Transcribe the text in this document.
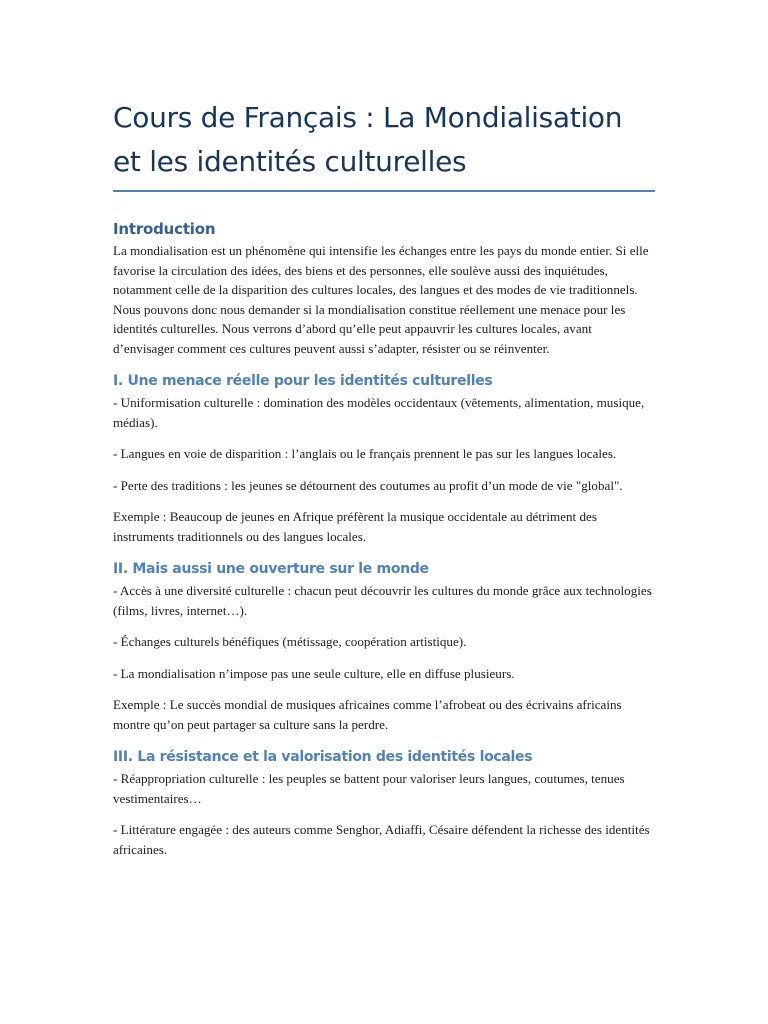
Cours de Français : La Mondialisation et les identités culturelles
Introduction

La mondialisation est un phénomène qui intensifie les échanges entre les pays du monde entier. Si elle favorise la circulation des idées, des biens et des personnes, elle soulève aussi des inquiétudes, notamment celle de la disparition des cultures locales, des langues et des modes de vie traditionnels. Nous pouvons donc nous demander si la mondialisation constitue réellement une menace pour les identités culturelles. Nous verrons d’abord qu’elle peut appauvrir les cultures locales, avant d’envisager comment ces cultures peuvent aussi s’adapter, résister ou se réinventer.

I. Une menace réelle pour les identités culturelles

- Uniformisation culturelle : domination des modèles occidentaux (vêtements, alimentation, musique, médias).

- Langues en voie de disparition : l’anglais ou le français prennent le pas sur les langues locales.

- Perte des traditions : les jeunes se détournent des coutumes au profit d’un mode de vie "global".

Exemple : Beaucoup de jeunes en Afrique préfèrent la musique occidentale au détriment des instruments traditionnels ou des langues locales.

II. Mais aussi une ouverture sur le monde

- Accès à une diversité culturelle : chacun peut découvrir les cultures du monde grâce aux technologies (films, livres, internet…).

- Échanges culturels bénéfiques (métissage, coopération artistique).

- La mondialisation n’impose pas une seule culture, elle en diffuse plusieurs.

Exemple : Le succès mondial de musiques africaines comme l’afrobeat ou des écrivains africains montre qu’on peut partager sa culture sans la perdre.

III. La résistance et la valorisation des identités locales

- Réappropriation culturelle : les peuples se battent pour valoriser leurs langues, coutumes, tenues vestimentaires…

- Littérature engagée : des auteurs comme Senghor, Adiaffi, Césaire défendent la richesse des identités africaines.
